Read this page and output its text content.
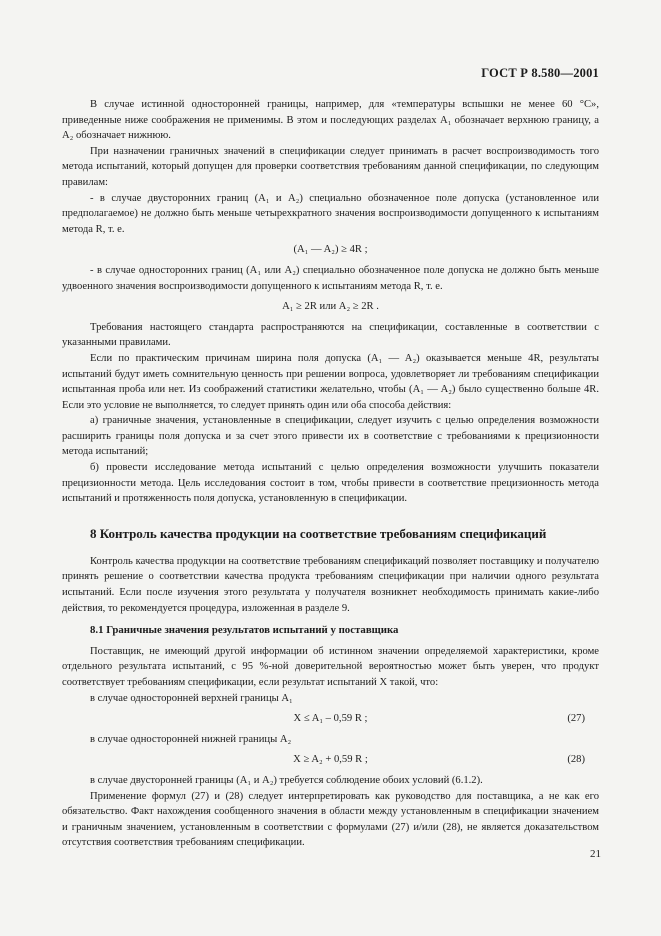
ГОСТ Р 8.580—2001

В случае истинной односторонней границы, например, для «температуры вспышки не менее 60 °С», приведенные ниже соображения не применимы. В этом и последующих разделах A₁ обозначает верхнюю границу, а A₂ обозначает нижнюю.

При назначении граничных значений в спецификации следует принимать в расчет воспроизводимость того метода испытаний, который допущен для проверки соответствия требованиям данной спецификации, по следующим правилам:

- в случае двусторонних границ (A₁ и A₂) специально обозначенное поле допуска (установленное или предполагаемое) не должно быть меньше четырехкратного значения воспроизводимости допущенного к испытаниям метода R, т. е.

(A₁ — A₂) ≥ 4R ;

- в случае односторонних границ (A₁ или A₂) специально обозначенное поле допуска не должно быть меньше удвоенного значения воспроизводимости допущенного к испытаниям метода R, т. е.

A₁ ≥ 2R или A₂ ≥ 2R .

Требования настоящего стандарта распространяются на спецификации, составленные в соответствии с указанными правилами.

Если по практическим причинам ширина поля допуска (A₁ — A₂) оказывается меньше 4R, результаты испытаний будут иметь сомнительную ценность при решении вопроса, удовлетворяет ли требованиям спецификации испытанная проба или нет. Из соображений статистики желательно, чтобы (A₁ — A₂) было существенно больше 4R. Если это условие не выполняется, то следует принять один или оба способа действия:

а) граничные значения, установленные в спецификации, следует изучить с целью определения возможности расширить границы поля допуска и за счет этого привести их в соответствие с требованиями к прецизионности метода испытаний;

б) провести исследование метода испытаний с целью определения возможности улучшить показатели прецизионности метода. Цель исследования состоит в том, чтобы привести в соответствие прецизионность метода испытаний и протяженность поля допуска, установленную в спецификации.

8 Контроль качества продукции на соответствие требованиям спецификаций

Контроль качества продукции на соответствие требованиям спецификаций позволяет поставщику и получателю принять решение о соответствии качества продукта требованиям спецификации при наличии одного результата испытаний. Если после изучения этого результата у получателя возникнет необходимость принимать какие-либо действия, то рекомендуется процедура, изложенная в разделе 9.

8.1 Граничные значения результатов испытаний у поставщика

Поставщик, не имеющий другой информации об истинном значении определяемой характеристики, кроме отдельного результата испытаний, с 95 %-ной доверительной вероятностью может быть уверен, что продукт соответствует требованиям спецификации, если результат испытаний X такой, что:

в случае односторонней верхней границы A₁

X ≤ A₁ – 0,59 R ;	(27)

в случае односторонней нижней границы A₂

X ≥ A₂ + 0,59 R ;	(28)

в случае двусторонней границы (A₁ и A₂) требуется соблюдение обоих условий (6.1.2).

Применение формул (27) и (28) следует интерпретировать как руководство для поставщика, а не как его обязательство. Факт нахождения сообщенного значения в области между установленным в спецификации значением и граничным значением, установленным в соответствии с формулами (27) и/или (28), не является доказательством отсутствия соответствия требованиям спецификации.

21
